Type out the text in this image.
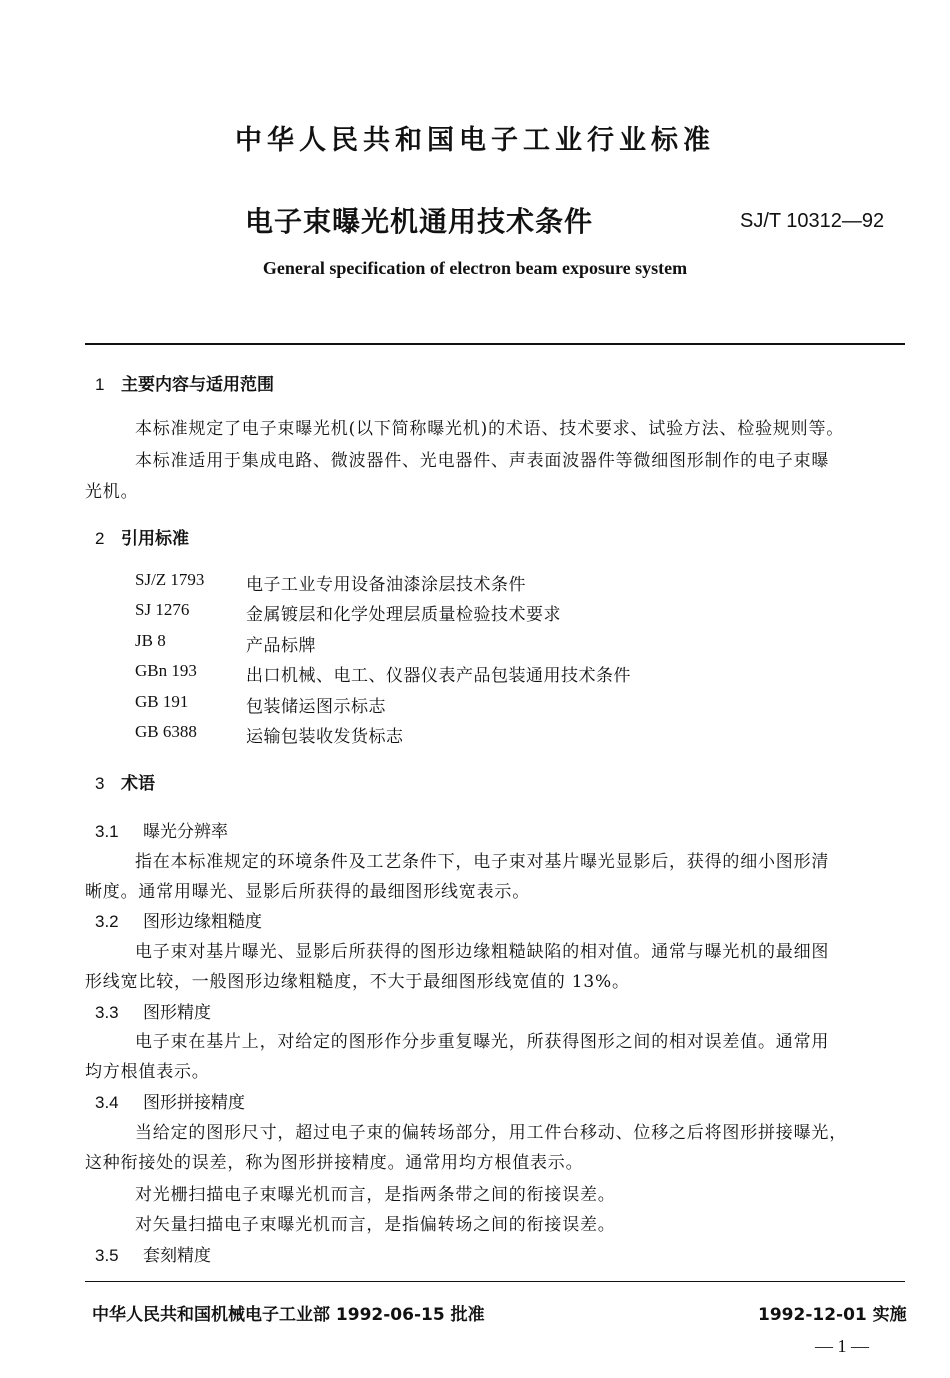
中华人民共和国电子工业行业标准
电子束曝光机通用技术条件	SJ/T 10312—92
General specification of electron beam exposure system
1 主要内容与适用范围
本标准规定了电子束曝光机(以下简称曝光机)的术语、技术要求、试验方法、检验规则等。
本标准适用于集成电路、微波器件、光电器件、声表面波器件等微细图形制作的电子束曝
光机。
2 引用标准
SJ/Z 1793 电子工业专用设备油漆涂层技术条件
SJ 1276	金属镀层和化学处理层质量检验技术要求
JB 8	产品标牌
GBn 193	出口机械、电工、仪器仪表产品包装通用技术条件
GB 191	包装储运图示标志
GB 6388	运输包装收发货标志
3 术语
3.1 曝光分辨率
指在本标准规定的环境条件及工艺条件下，电子束对基片曝光显影后，获得的细小图形清
晰度。通常用曝光、显影后所获得的最细图形线宽表示。
3.2 图形边缘粗糙度
电子束对基片曝光、显影后所获得的图形边缘粗糙缺陷的相对值。通常与曝光机的最细图
形线宽比较，一般图形边缘粗糙度，不大于最细图形线宽值的 13%。
3.3 图形精度
电子束在基片上，对给定的图形作分步重复曝光，所获得图形之间的相对误差值。通常用
均方根值表示。
3.4 图形拼接精度
当给定的图形尺寸，超过电子束的偏转场部分，用工件台移动、位移之后将图形拼接曝光，
这种衔接处的误差，称为图形拼接精度。通常用均方根值表示。
对光栅扫描电子束曝光机而言，是指两条带之间的衔接误差。
对矢量扫描电子束曝光机而言，是指偏转场之间的衔接误差。
3.5 套刻精度
中华人民共和国机械电子工业部 1992-06-15 批准	1992-12-01 实施
— 1 —
